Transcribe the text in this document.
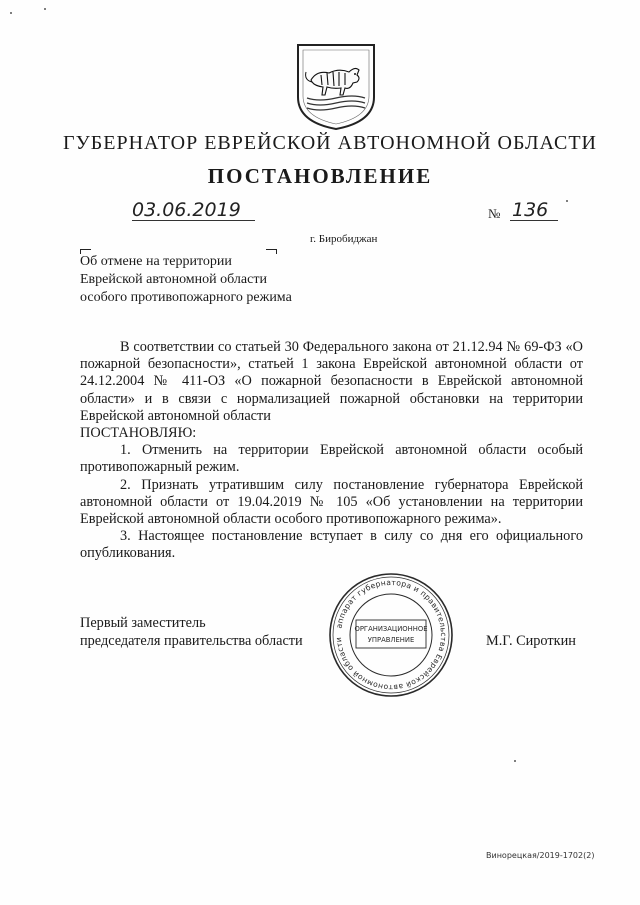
ГУБЕРНАТОР ЕВРЕЙСКОЙ АВТОНОМНОЙ ОБЛАСТИ
ПОСТАНОВЛЕНИЕ
03.06.2019	№ 136
г. Биробиджан
Об отмене на территории
Еврейской автономной области
особого противопожарного режима

В соответствии со статьей 30 Федерального закона от 21.12.94 № 69-ФЗ «О пожарной безопасности», статьей 1 закона Еврейской автономной области от 24.12.2004 № 411-ОЗ «О пожарной безопасности в Еврейской автономной области» и в связи с нормализацией пожарной обстановки на территории Еврейской автономной области

ПОСТАНОВЛЯЮ:

1. Отменить на территории Еврейской автономной области особый противопожарный режим.

2. Признать утратившим силу постановление губернатора Еврейской автономной области от 19.04.2019 № 105 «Об установлении на территории Еврейской автономной области особого противопожарного режима».

3. Настоящее постановление вступает в силу со дня его официального опубликования.

Первый заместитель
председателя правительства области
аппарат губернатора и правительства Еврейской автономной области
ОРГАНИЗАЦИОННОЕ
УПРАВЛЕНИЕ	М.Г. Сироткин
Винорецкая/2019-1702(2)
